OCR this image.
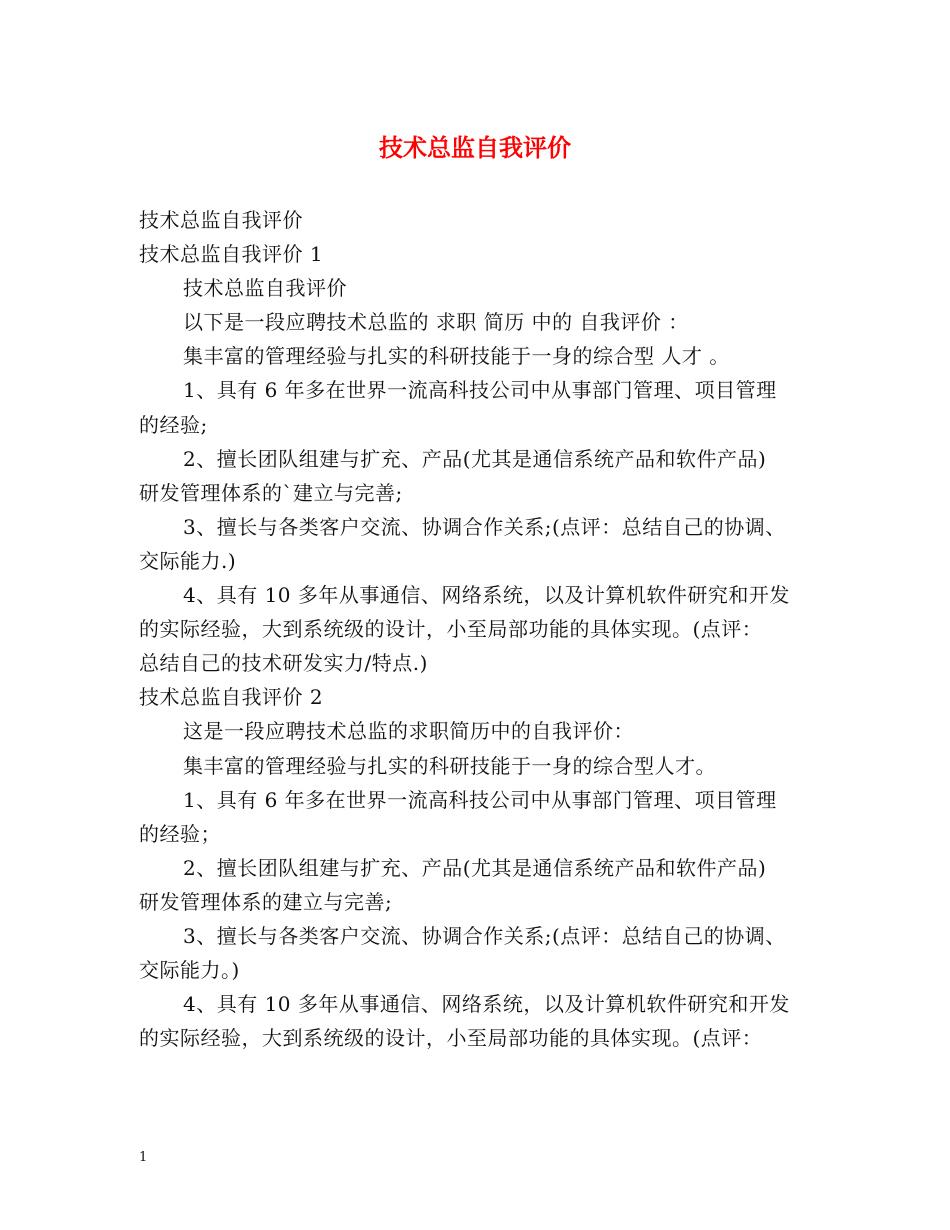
技术总监自我评价
技术总监自我评价
技术总监自我评价 1
技术总监自我评价
以下是一段应聘技术总监的 求职 简历 中的 自我评价 ：
集丰富的管理经验与扎实的科研技能于一身的综合型 人才 。
1、具有 6 年多在世界一流高科技公司中从事部门管理、项目管理
的经验;
2、擅长团队组建与扩充、产品(尤其是通信系统产品和软件产品)
研发管理体系的`建立与完善;
3、擅长与各类客户交流、协调合作关系;(点评：总结自己的协调、
交际能力.)
4、具有 10 多年从事通信、网络系统，以及计算机软件研究和开发
的实际经验，大到系统级的设计，小至局部功能的具体实现。(点评：
总结自己的技术研发实力/特点.)
技术总监自我评价 2
这是一段应聘技术总监的求职简历中的自我评价：
集丰富的管理经验与扎实的科研技能于一身的综合型人才。
1、具有 6 年多在世界一流高科技公司中从事部门管理、项目管理
的经验；
2、擅长团队组建与扩充、产品(尤其是通信系统产品和软件产品)
研发管理体系的建立与完善;
3、擅长与各类客户交流、协调合作关系;(点评：总结自己的协调、
交际能力。)
4、具有 10 多年从事通信、网络系统，以及计算机软件研究和开发
的实际经验，大到系统级的设计，小至局部功能的具体实现。(点评：
1
